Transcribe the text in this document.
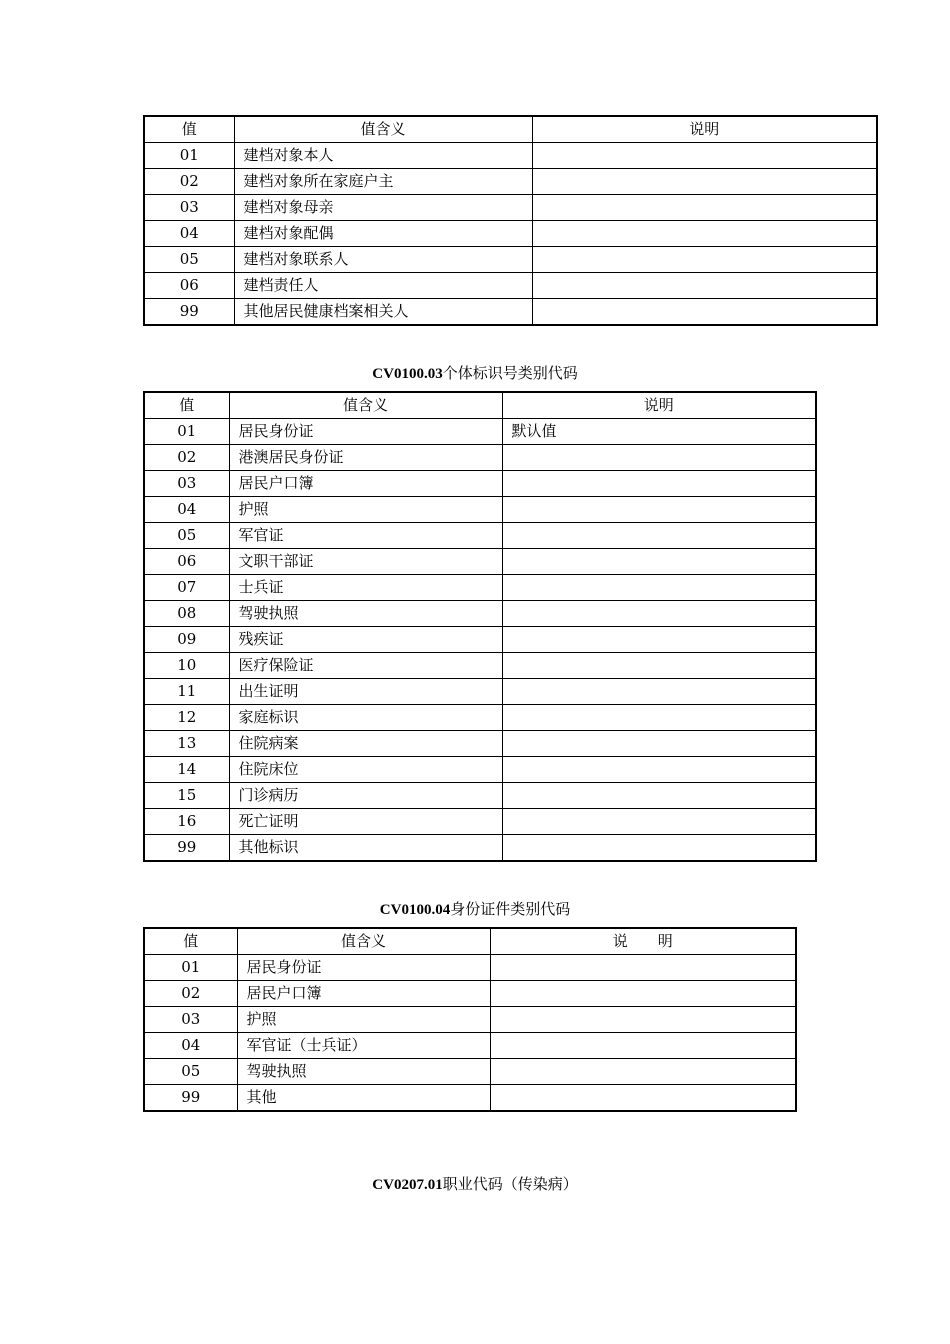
值	值含义	说明
01	建档对象本人	
02	建档对象所在家庭户主	
03	建档对象母亲	
04	建档对象配偶	
05	建档对象联系人	
06	建档责任人	
99	其他居民健康档案相关人	
CV0100.03个体标识号类别代码
值	值含义	说明
01	居民身份证	默认值
02	港澳居民身份证	
03	居民户口簿	
04	护照	
05	军官证	
06	文职干部证	
07	士兵证	
08	驾驶执照	
09	残疾证	
10	医疗保险证	
11	出生证明	
12	家庭标识	
13	住院病案	
14	住院床位	
15	门诊病历	
16	死亡证明	
99	其他标识	
CV0100.04身份证件类别代码
值	值含义	说　　明
01	居民身份证	
02	居民户口簿	
03	护照	
04	军官证（士兵证）	
05	驾驶执照	
99	其他	
CV0207.01职业代码（传染病）
